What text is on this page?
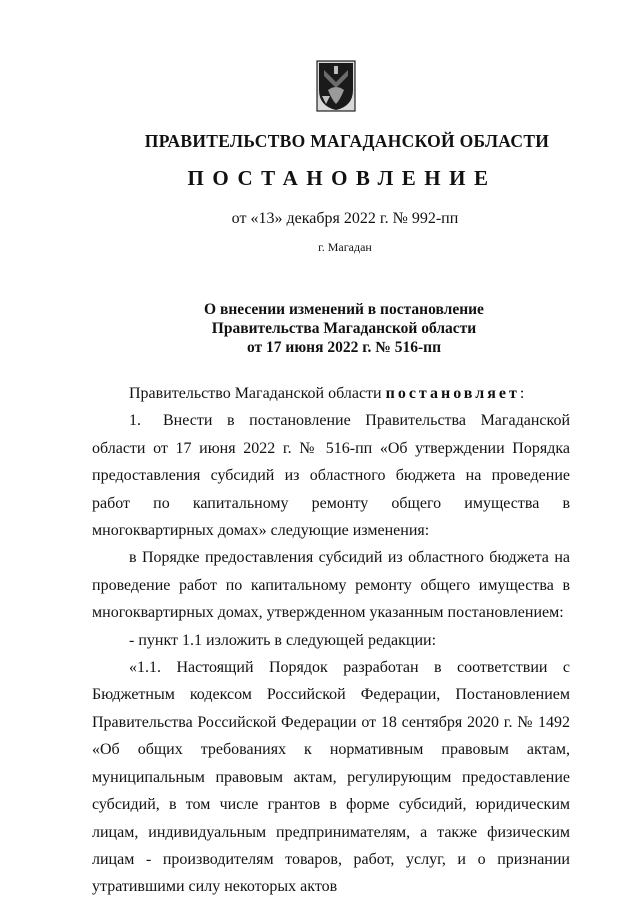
ПРАВИТЕЛЬСТВО МАГАДАНСКОЙ ОБЛАСТИ
ПОСТАНОВЛЕНИЕ
от «13» декабря 2022 г. № 992-пп
г. Магадан
О внесении изменений в постановление
Правительства Магаданской области
от 17 июня 2022 г. № 516-пп

Правительство Магаданской области постановляет:

1. Внести в постановление Правительства Магаданской области от 17 июня 2022 г. № 516-пп «Об утверждении Порядка предоставления субсидий из областного бюджета на проведение работ по капитальному ремонту общего имущества в многоквартирных домах» следующие изменения:

в Порядке предоставления субсидий из областного бюджета на проведение работ по капитальному ремонту общего имущества в многоквартирных домах, утвержденном указанным постановлением:

- пункт 1.1 изложить в следующей редакции:

«1.1. Настоящий Порядок разработан в соответствии с Бюджетным кодексом Российской Федерации, Постановлением Правительства Российской Федерации от 18 сентября 2020 г. № 1492 «Об общих требованиях к нормативным правовым актам, муниципальным правовым актам, регулирующим предоставление субсидий, в том числе грантов в форме субсидий, юридическим лицам, индивидуальным предпринимателям, а также физическим лицам - производителям товаров, работ, услуг, и о признании утратившими силу некоторых актов
